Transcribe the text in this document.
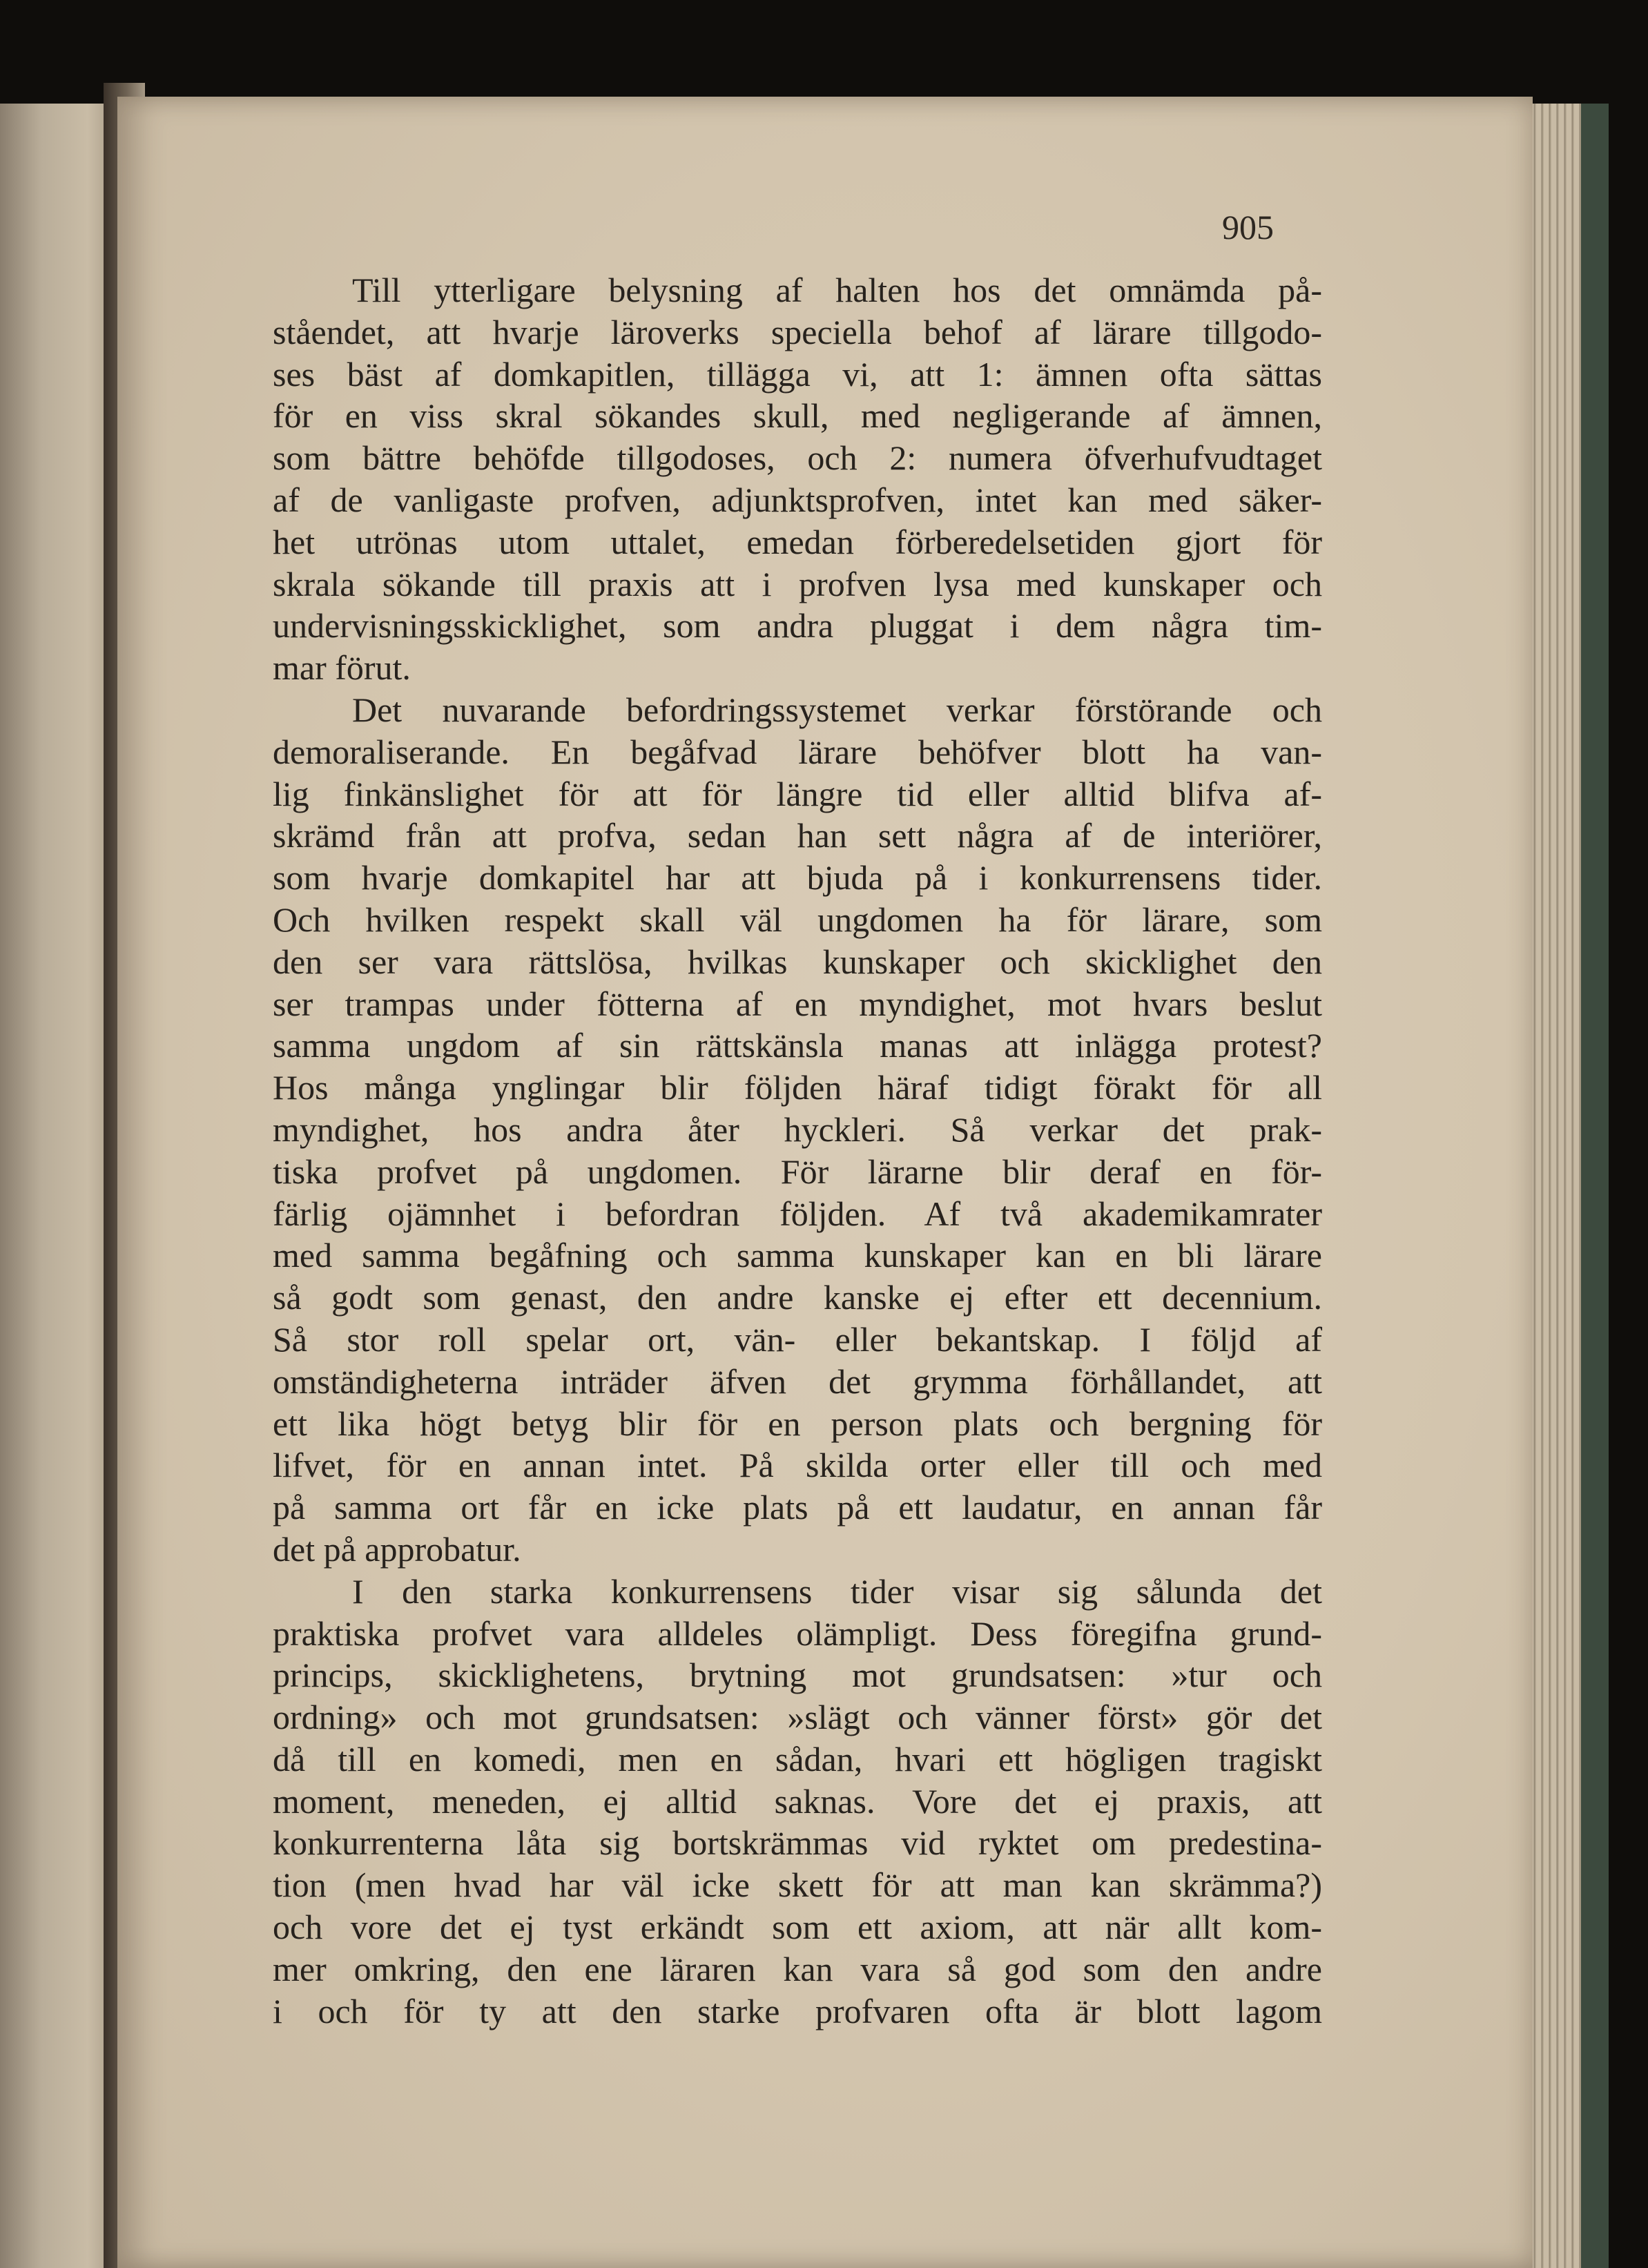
905
Till ytterligare belysning af halten hos det omnämda på-
ståendet, att hvarje läroverks speciella behof af lärare tillgodo-
ses bäst af domkapitlen, tillägga vi, att 1: ämnen ofta sättas
för en viss skral sökandes skull, med negligerande af ämnen,
som bättre behöfde tillgodoses, och 2: numera öfverhufvudtaget
af de vanligaste profven, adjunktsprofven, intet kan med säker-
het utrönas utom uttalet, emedan förberedelsetiden gjort för
skrala sökande till praxis att i profven lysa med kunskaper och
undervisningsskicklighet, som andra pluggat i dem några tim-
mar förut.
Det nuvarande befordringssystemet verkar förstörande och
demoraliserande. En begåfvad lärare behöfver blott ha van-
lig finkänslighet för att för längre tid eller alltid blifva af-
skrämd från att profva, sedan han sett några af de interiörer,
som hvarje domkapitel har att bjuda på i konkurrensens tider.
Och hvilken respekt skall väl ungdomen ha för lärare, som
den ser vara rättslösa, hvilkas kunskaper och skicklighet den
ser trampas under fötterna af en myndighet, mot hvars beslut
samma ungdom af sin rättskänsla manas att inlägga protest?
Hos många ynglingar blir följden häraf tidigt förakt för all
myndighet, hos andra åter hyckleri. Så verkar det prak-
tiska profvet på ungdomen. För lärarne blir deraf en för-
färlig ojämnhet i befordran följden. Af två akademikamrater
med samma begåfning och samma kunskaper kan en bli lärare
så godt som genast, den andre kanske ej efter ett decennium.
Så stor roll spelar ort, vän- eller bekantskap. I följd af
omständigheterna inträder äfven det grymma förhållandet, att
ett lika högt betyg blir för en person plats och bergning för
lifvet, för en annan intet. På skilda orter eller till och med
på samma ort får en icke plats på ett laudatur, en annan får
det på approbatur.
I den starka konkurrensens tider visar sig sålunda det
praktiska profvet vara alldeles olämpligt. Dess föregifna grund-
princips, skicklighetens, brytning mot grundsatsen: »tur och
ordning» och mot grundsatsen: »slägt och vänner först» gör det
då till en komedi, men en sådan, hvari ett högligen tragiskt
moment, meneden, ej alltid saknas. Vore det ej praxis, att
konkurrenterna låta sig bortskrämmas vid ryktet om predestina-
tion (men hvad har väl icke skett för att man kan skrämma?)
och vore det ej tyst erkändt som ett axiom, att när allt kom-
mer omkring, den ene läraren kan vara så god som den andre
i och för ty att den starke profvaren ofta är blott lagom
